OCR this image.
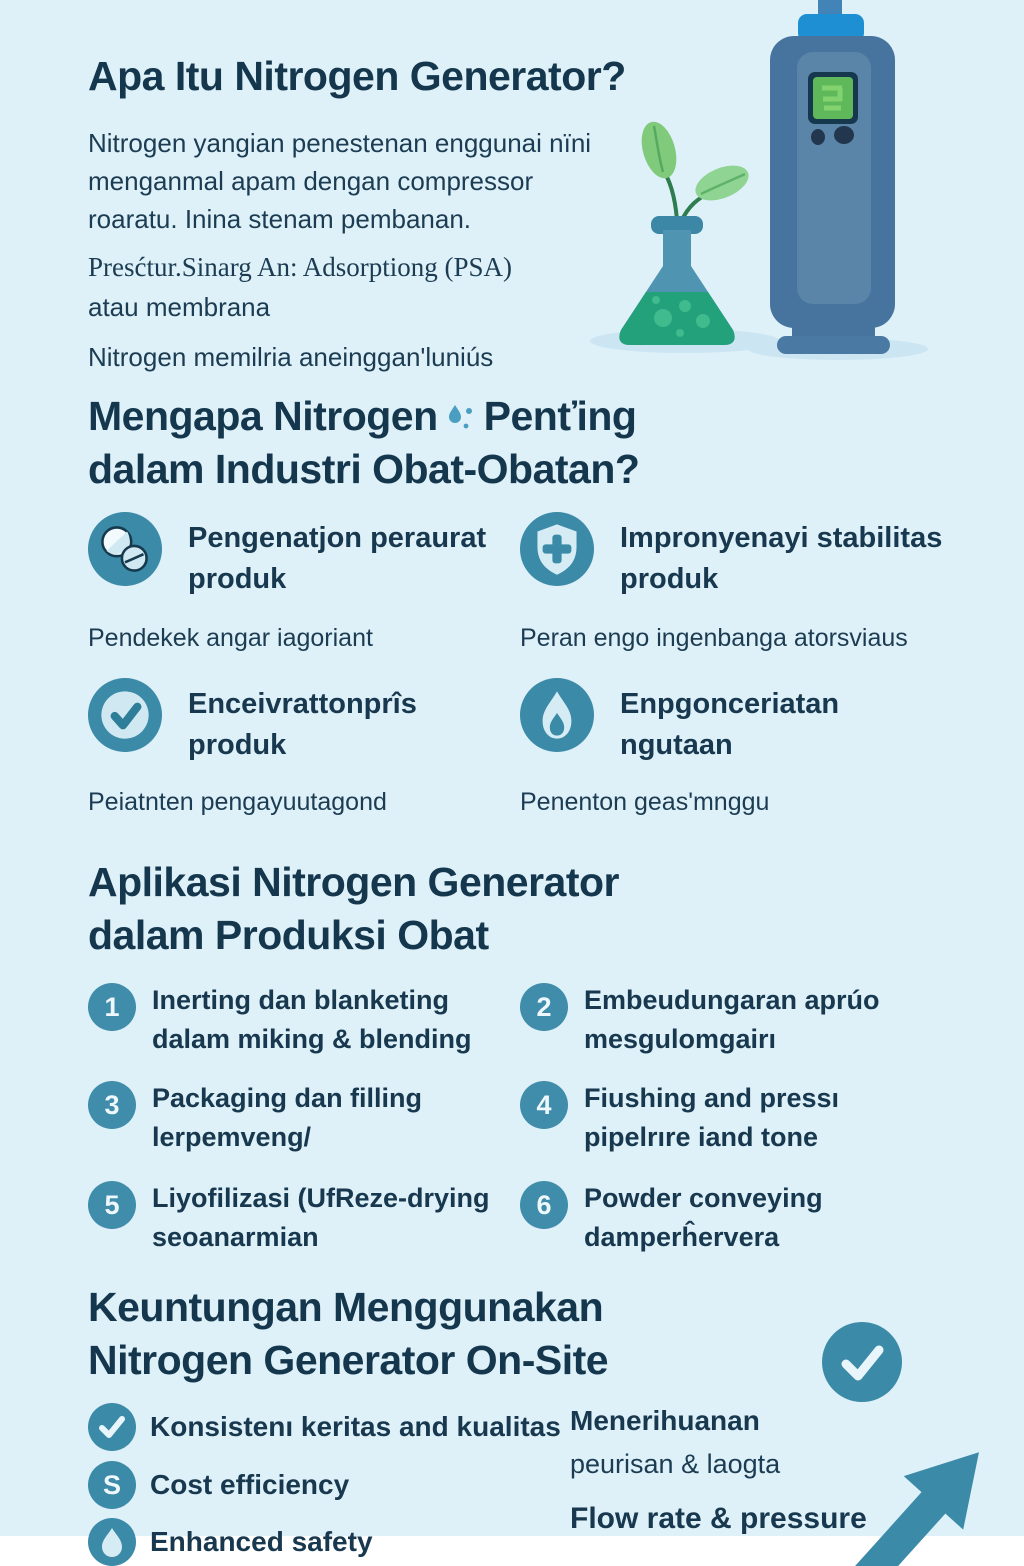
Apa Itu Nitrogen Generator?

Nitrogen yangian penestenan enggunai nïni menganmal apam dengan compressor roaratu. Inina stenam pembanan.

Presćtur.Sinarg An: Adsorptiong (PSA)
atau membrana

Nitrogen memilria aneinggan'luniús

Mengapa Nitrogen Penťing
dalam Industri Obat-Obatan?
Pengenatjon peraurat produk
Pendekek angar iagoriant
Impronyenayi stabilitas produk
Peran engo ingenbanga atorsviaus
Enceivrattonprîs produk
Peiatnten pengayuutagond
Enpgonceriatan ngutaan
Penenton geas'mnggu
Aplikasi Nitrogen Generator
dalam Produksi Obat
1	Inerting dan blanketing dalam miking & blending
2	Embeudungaran aprúo mesgulomgairı
3	Packaging dan filling lerpemveng/
4	Fiushing and pressı pipelrıre iand tone
5	Liyofilizasi (UfReze-drying seoanarmian
6	Powder conveying damperĥervera
Keuntungan Menggunakan
Nitrogen Generator On-Site
Konsistenı keritas and kualitas
S Cost efficiency
Enhanced safety
Menerihuanan
peurisan & laogta
Flow rate & pressure
